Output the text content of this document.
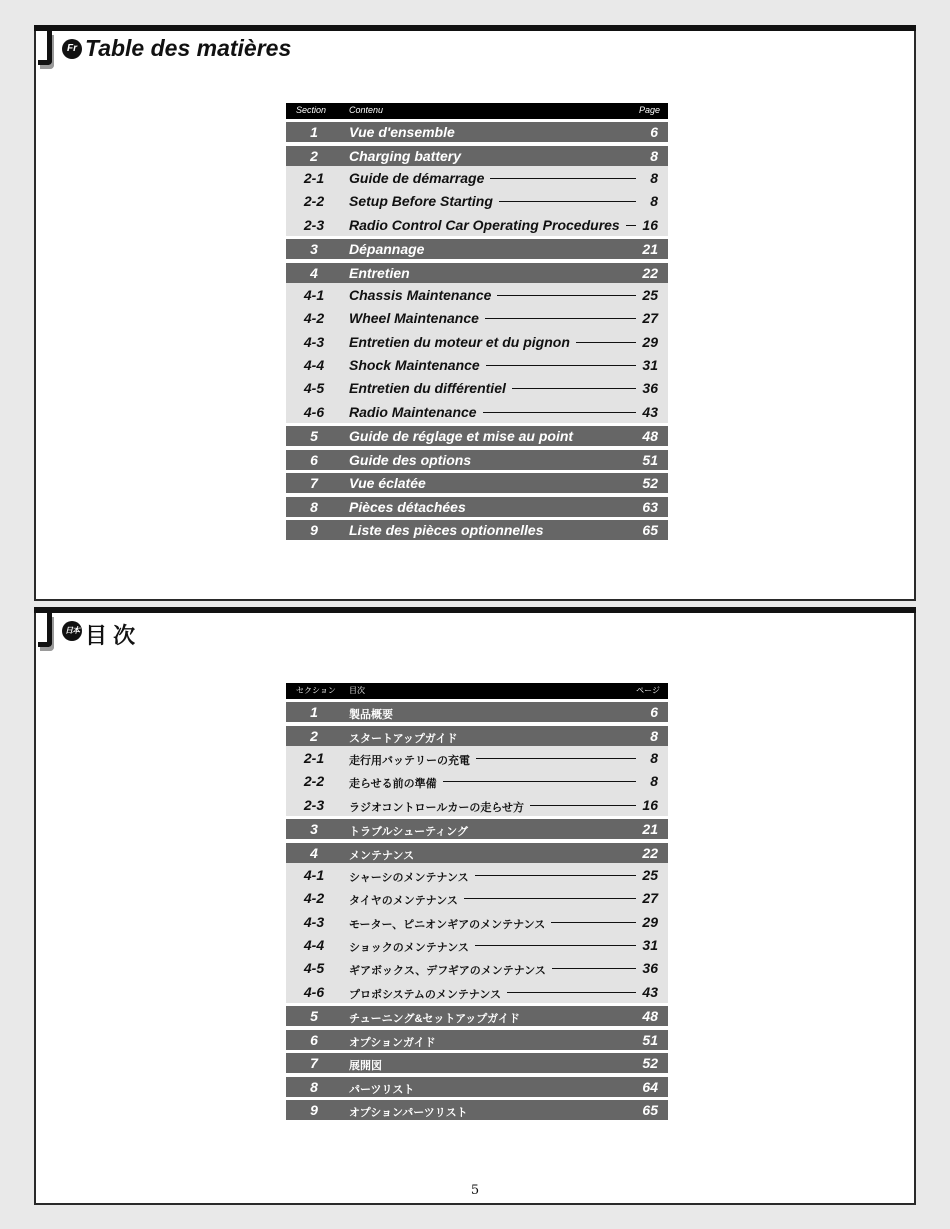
Fr Table des matières
Section	Contenu	Page
1	Vue d'ensemble	6
2	Charging battery	8
2-1	Guide de démarrage	8
2-2	Setup Before Starting	8
2-3	Radio Control Car Operating Procedures 16
3	Dépannage	21
4	Entretien	22
4-1	Chassis Maintenance	25
4-2	Wheel Maintenance	27
4-3	Entretien du moteur et du pignon	29
4-4	Shock Maintenance	31
4-5	Entretien du différentiel	36
4-6	Radio Maintenance	43
5	Guide de réglage et mise au point	48
6	Guide des options	51
7	Vue éclatée	52
8	Pièces détachées	63
9	Liste des pièces optionnelles	65
日本語
目 次
セクション 目次	ページ
1	製品概要	6
2	スタートアップガイド	8
2-1	走行用バッテリーの充電	8
2-2	走らせる前の準備	8
2-3	ラジオコントロールカーの走らせ方	16
3	トラブルシューティング	21
4	メンテナンス	22
4-1	シャーシのメンテナンス	25
4-2	タイヤのメンテナンス	27
4-3	モーター、ピニオンギアのメンテナンス	29
4-4	ショックのメンテナンス	31
4-5	ギアボックス、デフギアのメンテナンス	36
4-6	プロポシステムのメンテナンス	43
5	チューニング&セットアップガイド	48
6	オプションガイド	51
7	展開図	52
8	パーツリスト	64
9	オプションパーツリスト	65
5
